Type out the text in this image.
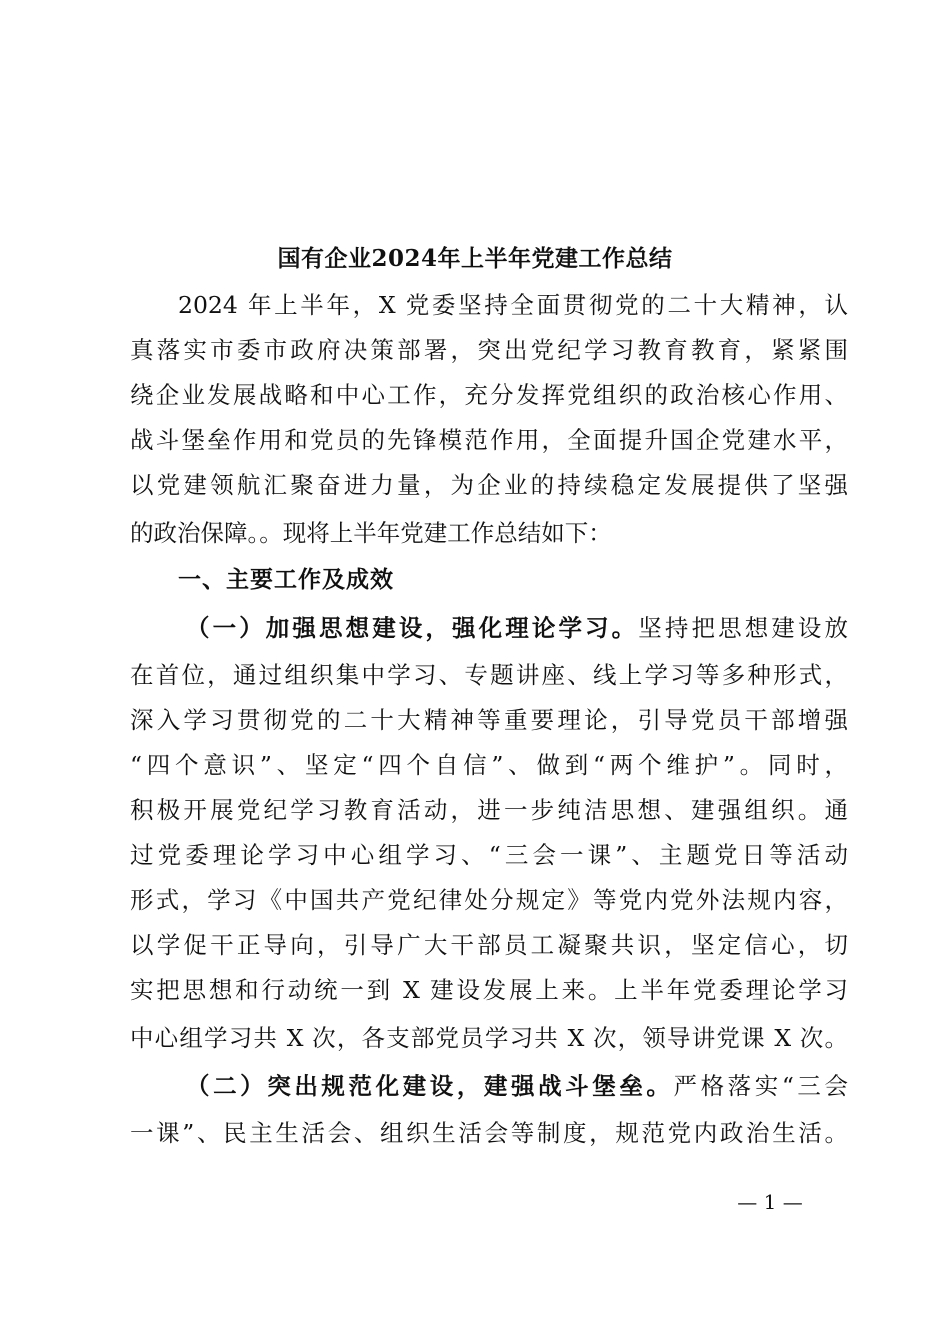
国有企业2024年上半年党建工作总结
2024 年上半年，X 党委坚持全面贯彻党的二十大精神，认
真落实市委市政府决策部署，突出党纪学习教育教育，紧紧围
绕企业发展战略和中心工作，充分发挥党组织的政治核心作用、
战斗堡垒作用和党员的先锋模范作用，全面提升国企党建水平，
以党建领航汇聚奋进力量，为企业的持续稳定发展提供了坚强
的政治保障。。现将上半年党建工作总结如下：
一、主要工作及成效
（一）加强思想建设，强化理论学习。坚持把思想建设放
在首位，通过组织集中学习、专题讲座、线上学习等多种形式，
深入学习贯彻党的二十大精神等重要理论，引导党员干部增强
“四个意识”、坚定“四个自信”、做到“两个维护”。同时，
积极开展党纪学习教育活动，进一步纯洁思想、建强组织。通
过党委理论学习中心组学习、“三会一课”、主题党日等活动
形式，学习《中国共产党纪律处分规定》等党内党外法规内容，
以学促干正导向，引导广大干部员工凝聚共识，坚定信心，切
实把思想和行动统一到 X 建设发展上来。上半年党委理论学习
中心组学习共 X 次，各支部党员学习共 X 次，领导讲党课 X 次。
（二）突出规范化建设，建强战斗堡垒。严格落实“三会
一课”、民主生活会、组织生活会等制度，规范党内政治生活。
— 1 —
